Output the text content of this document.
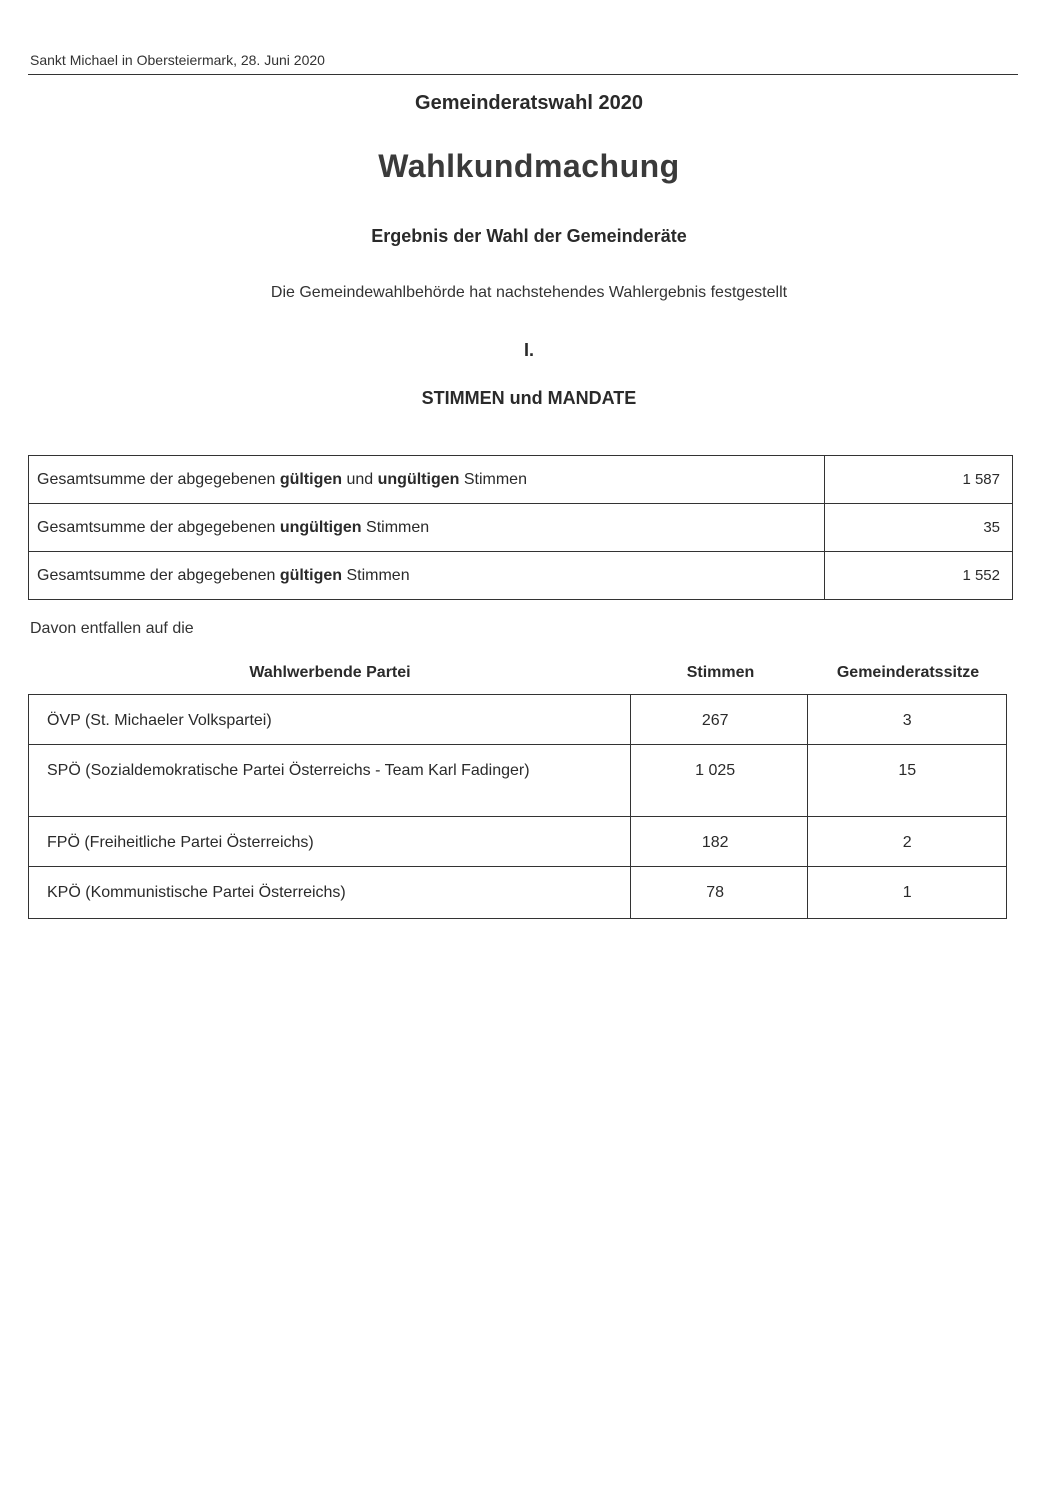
Sankt Michael in Obersteiermark, 28. Juni 2020
Gemeinderatswahl 2020
Wahlkundmachung
Ergebnis der Wahl der Gemeinderäte
Die Gemeindewahlbehörde hat nachstehendes Wahlergebnis festgestellt
I.
STIMMEN und MANDATE
Gesamtsumme der abgegebenen gültigen und ungültigen Stimmen	1 587
Gesamtsumme der abgegebenen ungültigen Stimmen	35
Gesamtsumme der abgegebenen gültigen Stimmen	1 552
Davon entfallen auf die
Wahlwerbende Partei	Stimmen	Gemeinderatssitze
ÖVP (St. Michaeler Volkspartei)	267	3
SPÖ (Sozialdemokratische Partei Österreichs - Team Karl Fadinger)	1 025	15
FPÖ (Freiheitliche Partei Österreichs)	182	2
KPÖ (Kommunistische Partei Österreichs)	78	1
